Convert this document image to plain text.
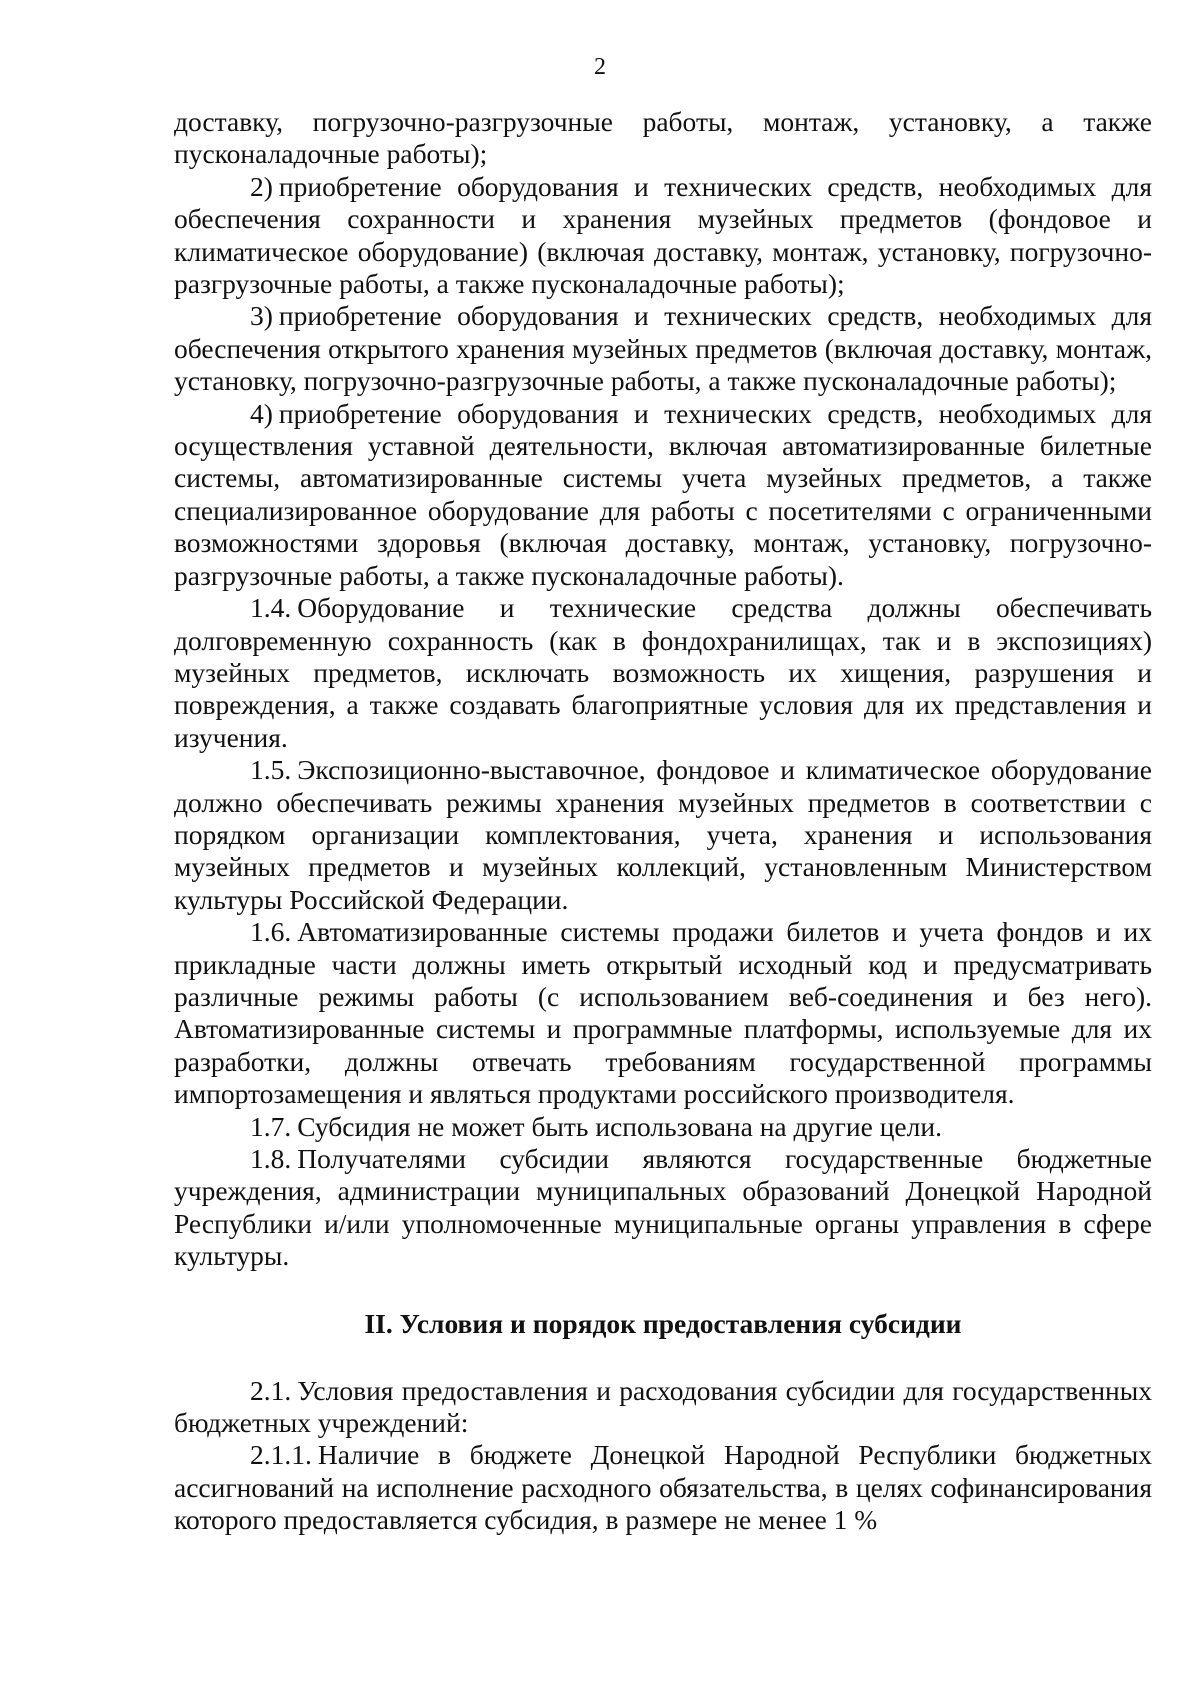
2

доставку, погрузочно-разгрузочные работы, монтаж, установку, а также пусконаладочные работы);

2) приобретение оборудования и технических средств, необходимых для обеспечения сохранности и хранения музейных предметов (фондовое и климатическое оборудование) (включая доставку, монтаж, установку, погрузочно-разгрузочные работы, а также пусконаладочные работы);

3) приобретение оборудования и технических средств, необходимых для обеспечения открытого хранения музейных предметов (включая доставку, монтаж, установку, погрузочно-разгрузочные работы, а также пусконаладочные работы);

4) приобретение оборудования и технических средств, необходимых для осуществления уставной деятельности, включая автоматизированные билетные системы, автоматизированные системы учета музейных предметов, а также специализированное оборудование для работы с посетителями с ограниченными возможностями здоровья (включая доставку, монтаж, установку, погрузочно-разгрузочные работы, а также пусконаладочные работы).

1.4. Оборудование и технические средства должны обеспечивать долговременную сохранность (как в фондохранилищах, так и в экспозициях) музейных предметов, исключать возможность их хищения, разрушения и повреждения, а также создавать благоприятные условия для их представления и изучения.

1.5. Экспозиционно-выставочное, фондовое и климатическое оборудование должно обеспечивать режимы хранения музейных предметов в соответствии с порядком организации комплектования, учета, хранения и использования музейных предметов и музейных коллекций, установленным Министерством культуры Российской Федерации.

1.6. Автоматизированные системы продажи билетов и учета фондов и их прикладные части должны иметь открытый исходный код и предусматривать различные режимы работы (с использованием веб-соединения и без него). Автоматизированные системы и программные платформы, используемые для их разработки, должны отвечать требованиям государственной программы импортозамещения и являться продуктами российского производителя.

1.7. Субсидия не может быть использована на другие цели.

1.8. Получателями субсидии являются государственные бюджетные учреждения, администрации муниципальных образований Донецкой Народной Республики и/или уполномоченные муниципальные органы управления в сфере культуры.

II. Условия и порядок предоставления субсидии

2.1. Условия предоставления и расходования субсидии для государственных бюджетных учреждений:

2.1.1. Наличие в бюджете Донецкой Народной Республики бюджетных ассигнований на исполнение расходного обязательства, в целях софинансирования которого предоставляется субсидия, в размере не менее 1 %
